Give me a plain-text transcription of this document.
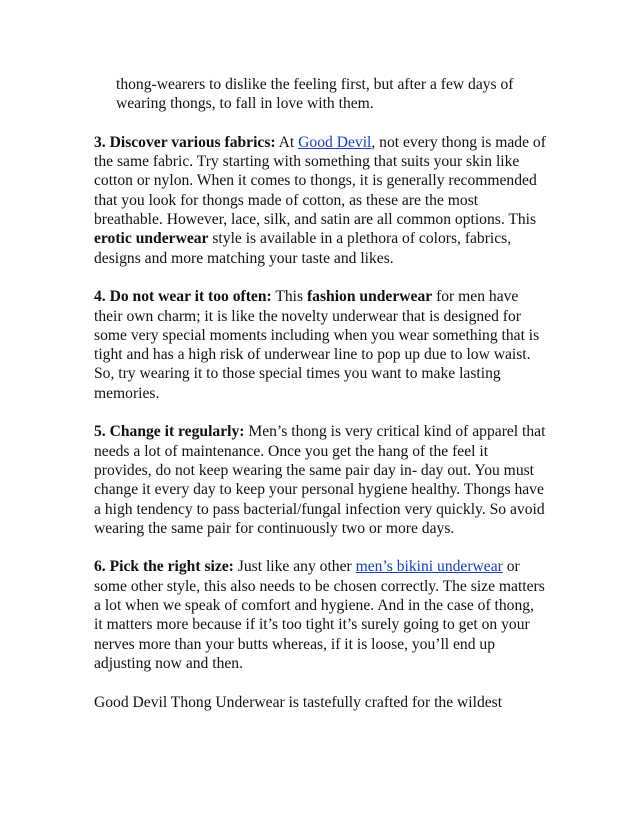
thong-wearers to dislike the feeling first, but after a few days of wearing thongs, to fall in love with them.

3. Discover various fabrics: At Good Devil, not every thong is made of the same fabric. Try starting with something that suits your skin like cotton or nylon. When it comes to thongs, it is generally recommended that you look for thongs made of cotton, as these are the most breathable. However, lace, silk, and satin are all common options. This erotic underwear style is available in a plethora of colors, fabrics, designs and more matching your taste and likes.

4. Do not wear it too often: This fashion underwear for men have their own charm; it is like the novelty underwear that is designed for some very special moments including when you wear something that is tight and has a high risk of underwear line to pop up due to low waist. So, try wearing it to those special times you want to make lasting memories.

5. Change it regularly: Men’s thong is very critical kind of apparel that needs a lot of maintenance. Once you get the hang of the feel it provides, do not keep wearing the same pair day in- day out. You must change it every day to keep your personal hygiene healthy. Thongs have a high tendency to pass bacterial/fungal infection very quickly. So avoid wearing the same pair for continuously two or more days.

6. Pick the right size: Just like any other men’s bikini underwear or some other style, this also needs to be chosen correctly. The size matters a lot when we speak of comfort and hygiene. And in the case of thong, it matters more because if it’s too tight it’s surely going to get on your nerves more than your butts whereas, if it is loose, you’ll end up adjusting now and then.

Good Devil Thong Underwear is tastefully crafted for the wildest
